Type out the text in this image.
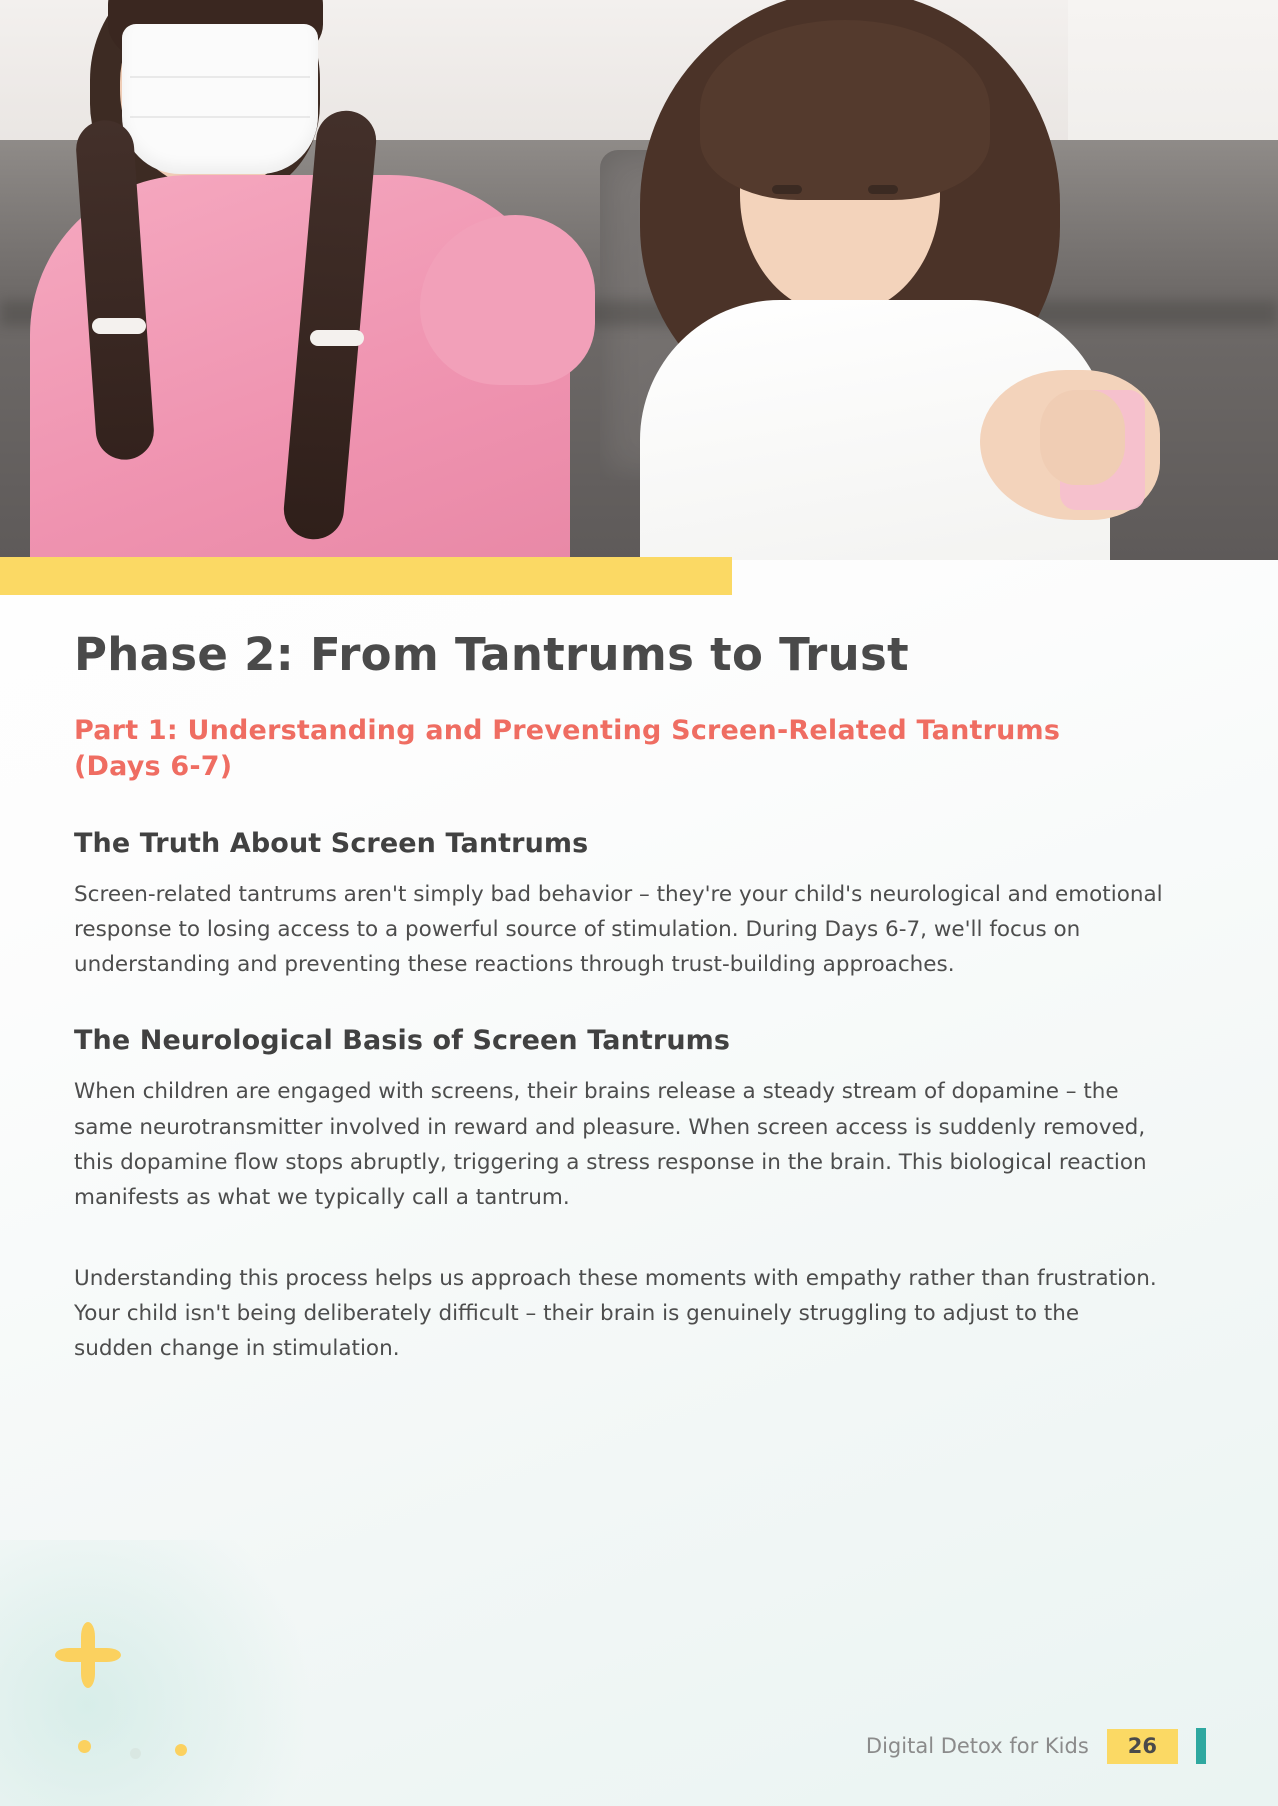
Phase 2: From Tantrums to Trust
Part 1: Understanding and Preventing Screen-Related Tantrums (Days 6-7)
The Truth About Screen Tantrums

Screen-related tantrums aren't simply bad behavior – they're your child's neurological and emotional response to losing access to a powerful source of stimulation. During Days 6-7, we'll focus on understanding and preventing these reactions through trust-building approaches.

The Neurological Basis of Screen Tantrums

When children are engaged with screens, their brains release a steady stream of dopamine – the same neurotransmitter involved in reward and pleasure. When screen access is suddenly removed, this dopamine flow stops abruptly, triggering a stress response in the brain. This biological reaction manifests as what we typically call a tantrum.

Understanding this process helps us approach these moments with empathy rather than frustration. Your child isn't being deliberately difficult – their brain is genuinely struggling to adjust to the sudden change in stimulation.

Digital Detox for Kids	26
